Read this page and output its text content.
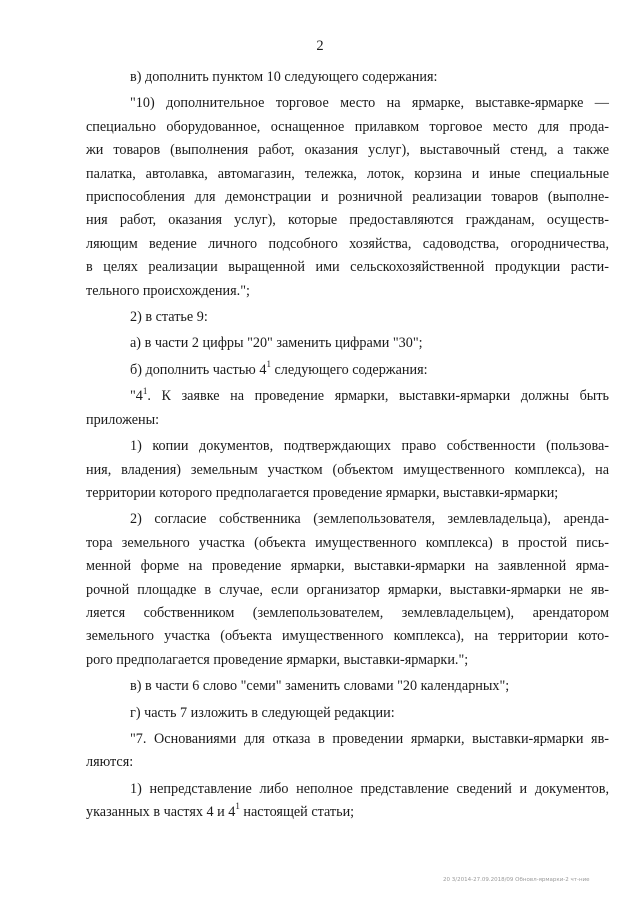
2

в) дополнить пунктом 10 следующего содержания:

"10) дополнительное торговое место на ярмарке, выставке-ярмарке —
специально оборудованное, оснащенное прилавком торговое место для прода-
жи товаров (выполнения работ, оказания услуг), выставочный стенд, а также
палатка, автолавка, автомагазин, тележка, лоток, корзина и иные специальные
приспособления для демонстрации и розничной реализации товаров (выполне-
ния работ, оказания услуг), которые предоставляются гражданам, осуществ-
ляющим ведение личного подсобного хозяйства, садоводства, огородничества,
в целях реализации выращенной ими сельскохозяйственной продукции расти-
тельного происхождения.";

2) в статье 9:

а) в части 2 цифры "20" заменить цифрами "30";

б) дополнить частью $4^1$ следующего содержания:

"$4^1$. К заявке на проведение ярмарки, выставки-ярмарки должны быть
приложены:

1) копии документов, подтверждающих право собственности (пользова-
ния, владения) земельным участком (объектом имущественного комплекса), на
территории которого предполагается проведение ярмарки, выставки-ярмарки;

2) согласие собственника (землепользователя, землевладельца), арендa-
тора земельного участка (объекта имущественного комплекса) в простой пись-
менной форме на проведение ярмарки, выставки-ярмарки на заявленной ярма-
рочной площадке в случае, если организатор ярмарки, выставки-ярмарки не яв-
ляется собственником (землепользователем, землевладельцем), арендатором
земельного участка (объекта имущественного комплекса), на территории кото-
рого предполагается проведение ярмарки, выставки-ярмарки.";

в) в части 6 слово "семи" заменить словами "20 календарных";

г) часть 7 изложить в следующей редакции:

"7. Основаниями для отказа в проведении ярмарки, выставки-ярмарки яв-
ляются:

1) непредставление либо неполное представление сведений и документов,
указанных в частях 4 и $4^1$ настоящей статьи;

20 3/2014-27.09.2018/09 Обновл-ярмарки-2 чт-ние
